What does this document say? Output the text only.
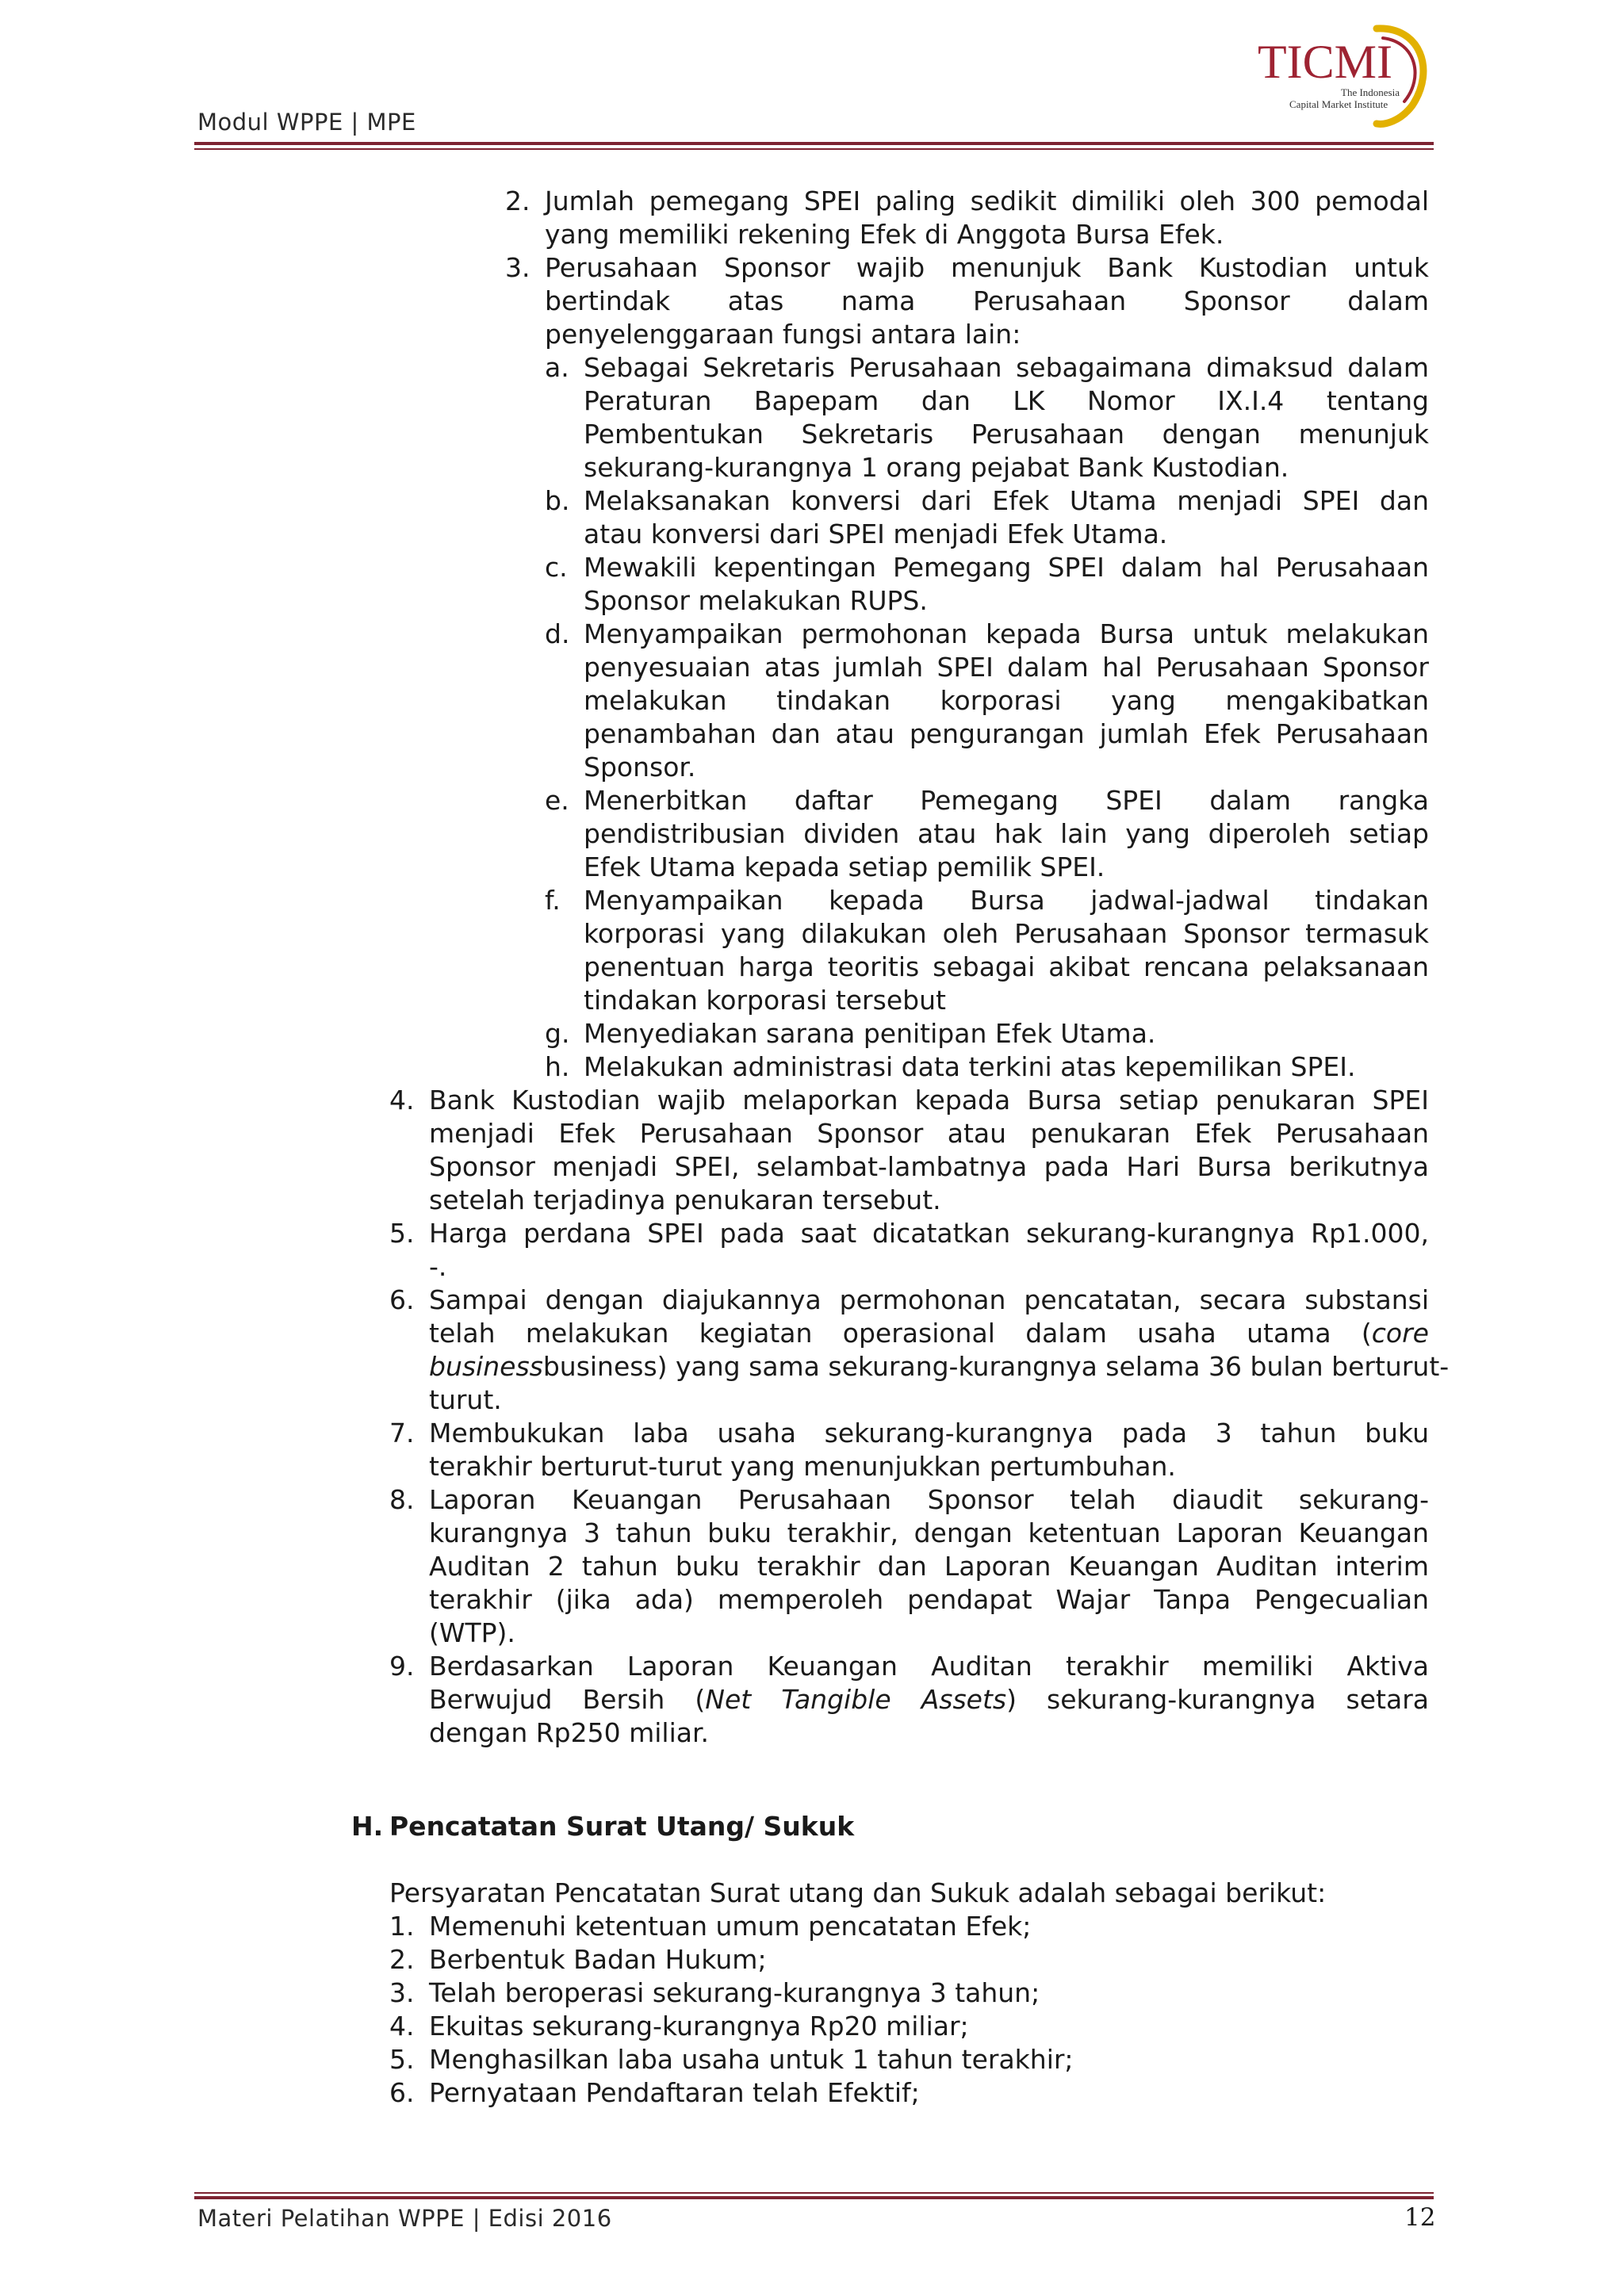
Modul WPPE | MPE
TICMI
The Indonesia
Capital Market Institute
2. Jumlah pemegang SPEI paling sedikit dimiliki oleh 300 pemodal
yang memiliki rekening Efek di Anggota Bursa Efek.
3. Perusahaan Sponsor wajib menunjuk Bank Kustodian untuk
bertindak atas nama Perusahaan Sponsor dalam
penyelenggaraan fungsi antara lain:
a. Sebagai Sekretaris Perusahaan sebagaimana dimaksud dalam
Peraturan Bapepam dan LK Nomor IX.I.4 tentang
Pembentukan Sekretaris Perusahaan dengan menunjuk
sekurang-kurangnya 1 orang pejabat Bank Kustodian.
b. Melaksanakan konversi dari Efek Utama menjadi SPEI dan
atau konversi dari SPEI menjadi Efek Utama.
c. Mewakili kepentingan Pemegang SPEI dalam hal Perusahaan
Sponsor melakukan RUPS.
d. Menyampaikan permohonan kepada Bursa untuk melakukan
penyesuaian atas jumlah SPEI dalam hal Perusahaan Sponsor
melakukan tindakan korporasi yang mengakibatkan
penambahan dan atau pengurangan jumlah Efek Perusahaan
Sponsor.
e. Menerbitkan daftar Pemegang SPEI dalam rangka
pendistribusian dividen atau hak lain yang diperoleh setiap
Efek Utama kepada setiap pemilik SPEI.
f. Menyampaikan kepada Bursa jadwal-jadwal tindakan
korporasi yang dilakukan oleh Perusahaan Sponsor termasuk
penentuan harga teoritis sebagai akibat rencana pelaksanaan
tindakan korporasi tersebut
g. Menyediakan sarana penitipan Efek Utama.
h. Melakukan administrasi data terkini atas kepemilikan SPEI.
4. Bank Kustodian wajib melaporkan kepada Bursa setiap penukaran SPEI
menjadi Efek Perusahaan Sponsor atau penukaran Efek Perusahaan
Sponsor menjadi SPEI, selambat-lambatnya pada Hari Bursa berikutnya
setelah terjadinya penukaran tersebut.
5. Harga perdana SPEI pada saat dicatatkan sekurang-kurangnya Rp1.000,
-.
6. Sampai dengan diajukannya permohonan pencatatan, secara substansi
telah melakukan kegiatan operasional dalam usaha utama (core
businessbusiness) yang sama sekurang-kurangnya selama 36 bulan berturut-
turut.
7. Membukukan laba usaha sekurang-kurangnya pada 3 tahun buku
terakhir berturut-turut yang menunjukkan pertumbuhan.
8. Laporan Keuangan Perusahaan Sponsor telah diaudit sekurang-
kurangnya 3 tahun buku terakhir, dengan ketentuan Laporan Keuangan
Auditan 2 tahun buku terakhir dan Laporan Keuangan Auditan interim
terakhir (jika ada) memperoleh pendapat Wajar Tanpa Pengecualian
(WTP).
9. Berdasarkan Laporan Keuangan Auditan terakhir memiliki Aktiva
Berwujud Bersih (Net Tangible Assets) sekurang-kurangnya setara
dengan Rp250 miliar.
H. Pencatatan Surat Utang/ Sukuk
Persyaratan Pencatatan Surat utang dan Sukuk adalah sebagai berikut:
1. Memenuhi ketentuan umum pencatatan Efek;
2. Berbentuk Badan Hukum;
3. Telah beroperasi sekurang-kurangnya 3 tahun;
4. Ekuitas sekurang-kurangnya Rp20 miliar;
5. Menghasilkan laba usaha untuk 1 tahun terakhir;
6. Pernyataan Pendaftaran telah Efektif;
Materi Pelatihan WPPE | Edisi 2016	12
